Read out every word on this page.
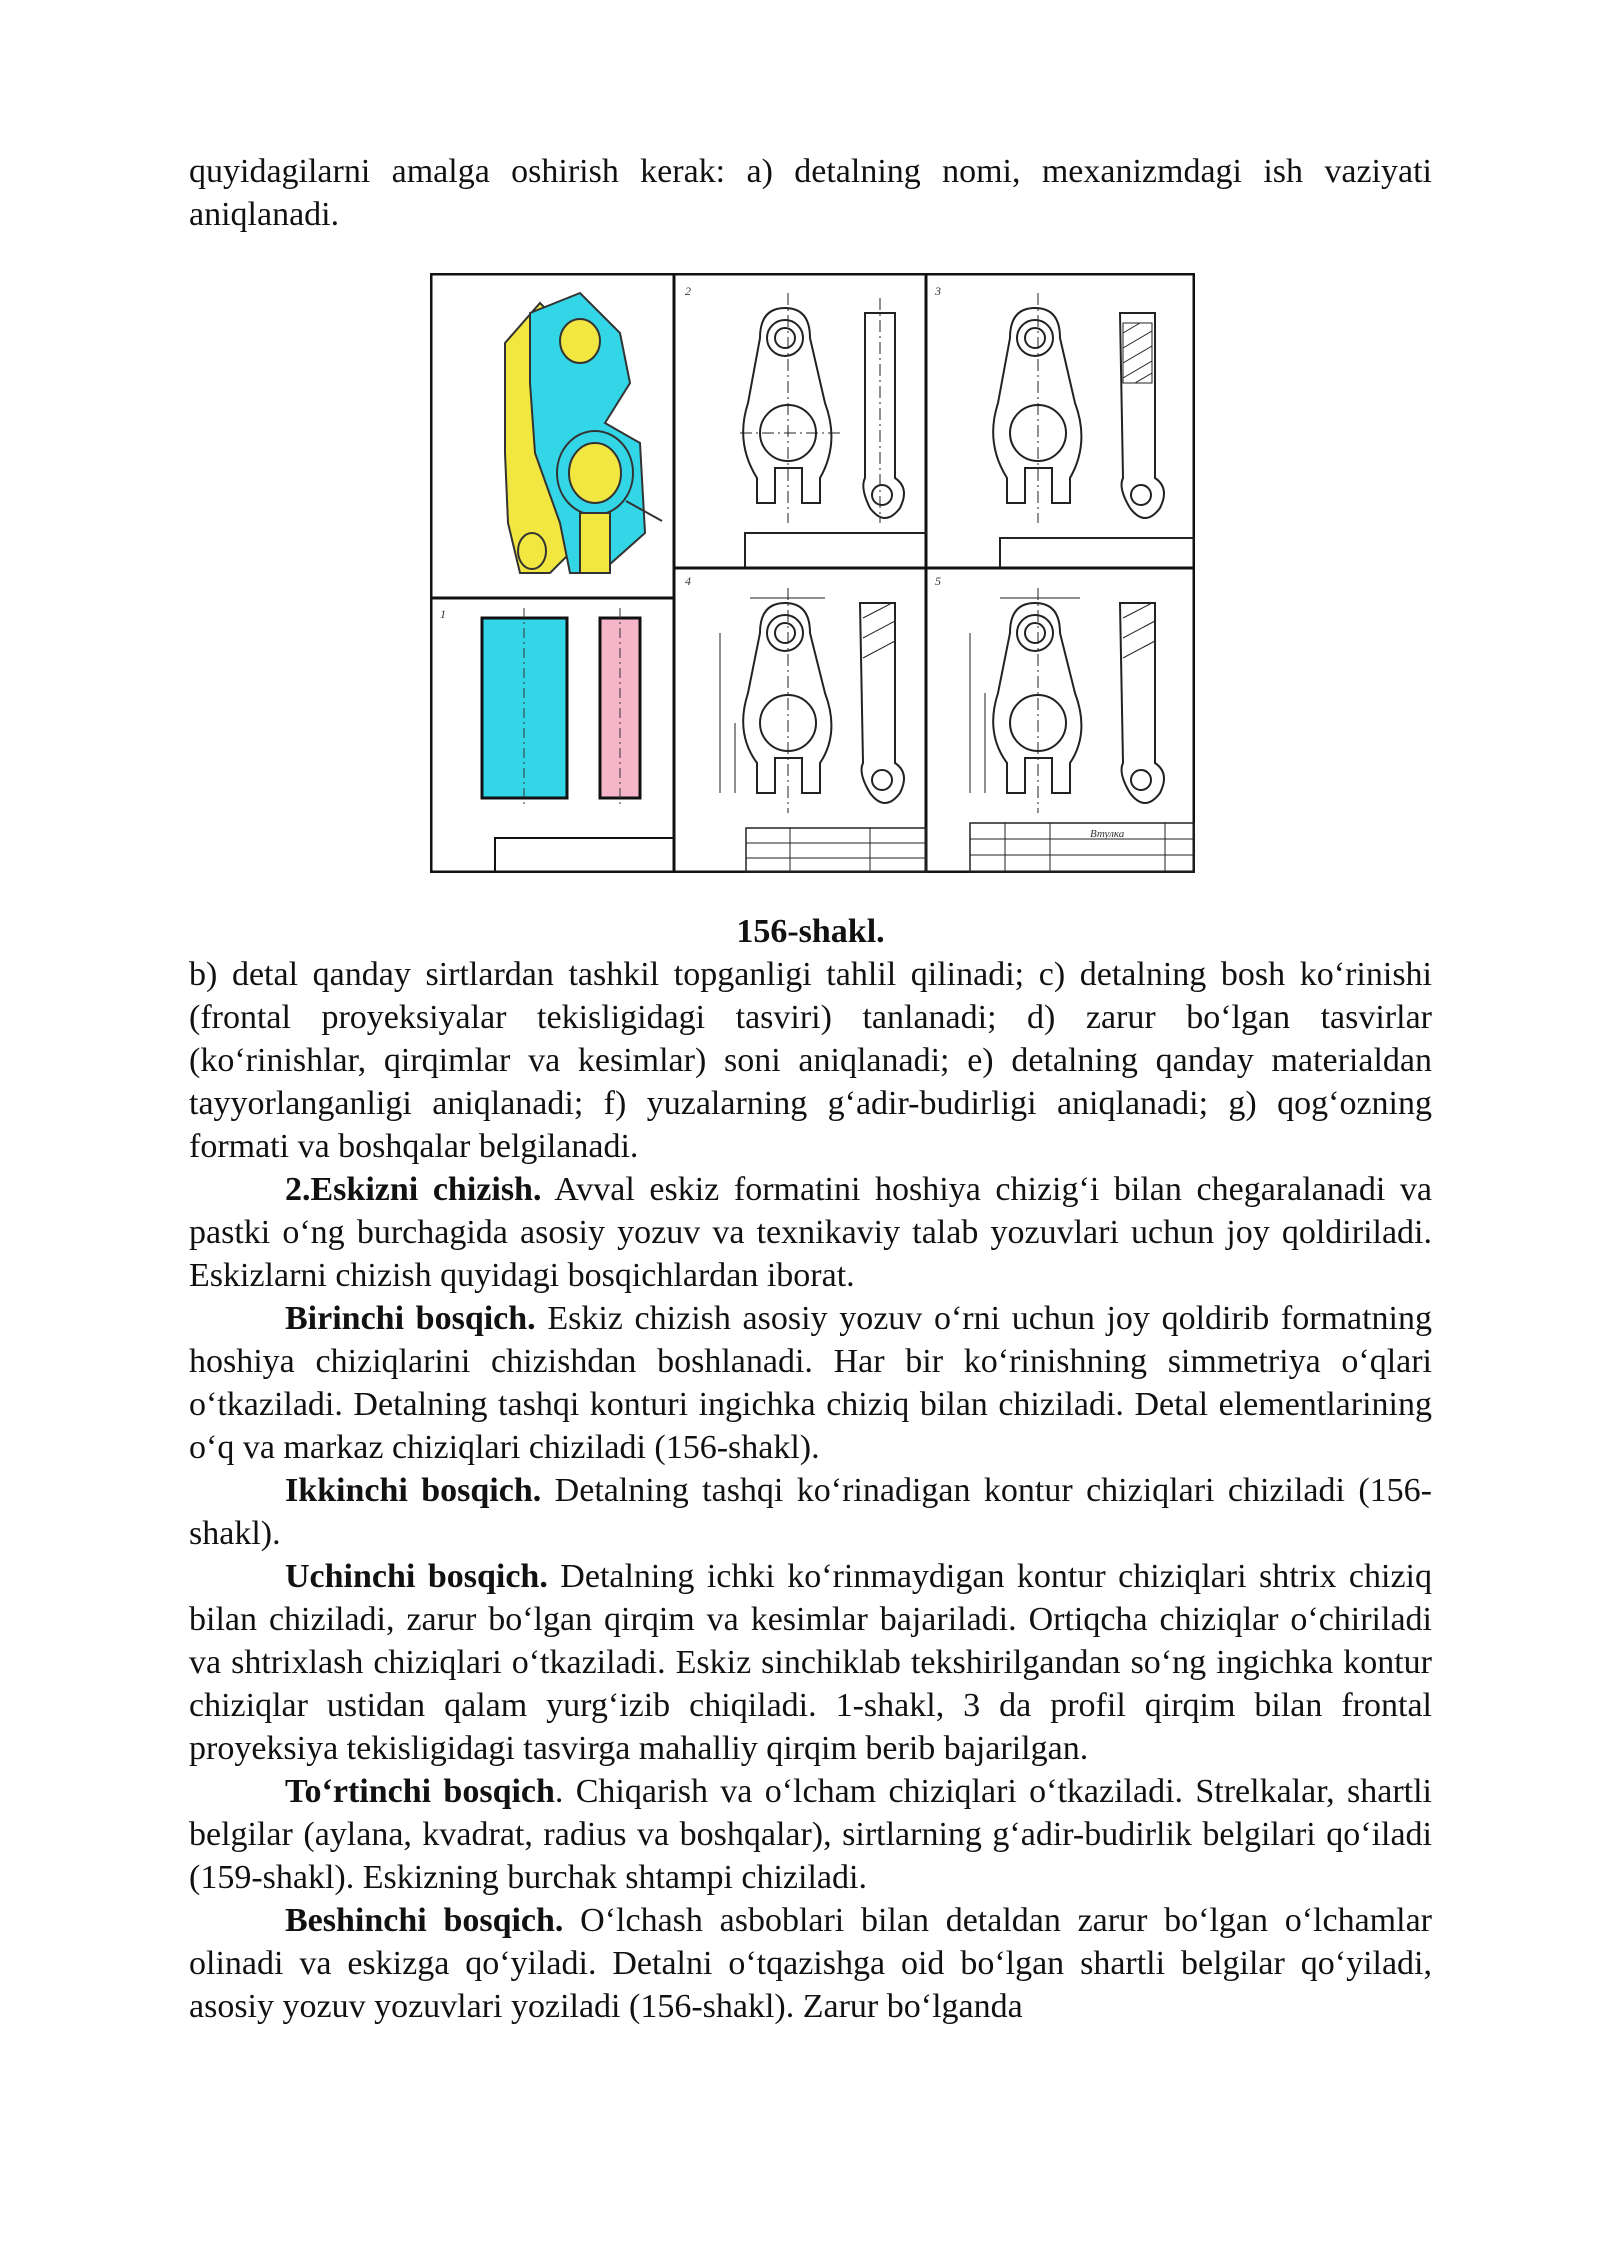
quyidagilarni amalga oshirish kerak: a) detalning nomi, mexanizmdagi ish vaziyati aniqlanadi.

1
2	3
4	5
Втулка
156-shakl.

b) detal qanday sirtlardan tashkil topganligi tahlil qilinadi; c) detalning bosh ko‘rinishi (frontal proyeksiyalar tekisligidagi tasviri) tanlanadi; d) zarur bo‘lgan tasvirlar (ko‘rinishlar, qirqimlar va kesimlar) soni aniqlanadi; e) detalning qanday materialdan tayyorlanganligi aniqlanadi; f) yuzalarning g‘adir-budirligi aniqlanadi; g) qog‘ozning formati va boshqalar belgilanadi.

2.Eskizni chizish. Avval eskiz formatini hoshiya chizig‘i bilan chegaralanadi va pastki o‘ng burchagida asosiy yozuv va texnikaviy talab yozuvlari uchun joy qoldiriladi. Eskizlarni chizish quyidagi bosqichlardan iborat.

Birinchi bosqich. Eskiz chizish asosiy yozuv o‘rni uchun joy qoldirib formatning hoshiya chiziqlarini chizishdan boshlanadi. Har bir ko‘rinishning simmetriya o‘qlari o‘tkaziladi. Detalning tashqi konturi ingichka chiziq bilan chiziladi. Detal elementlarining o‘q va markaz chiziqlari chiziladi (156-shakl).

Ikkinchi bosqich. Detalning tashqi ko‘rinadigan kontur chiziqlari chiziladi (156-shakl).

Uchinchi bosqich. Detalning ichki ko‘rinmaydigan kontur chiziqlari shtrix chiziq bilan chiziladi, zarur bo‘lgan qirqim va kesimlar bajariladi. Ortiqcha chiziqlar o‘chiriladi va shtrixlash chiziqlari o‘tkaziladi. Eskiz sinchiklab tekshirilgandan so‘ng ingichka kontur chiziqlar ustidan qalam yurg‘izib chiqiladi. 1-shakl, 3 da profil qirqim bilan frontal proyeksiya tekisligidagi tasvirga mahalliy qirqim berib bajarilgan.

To‘rtinchi bosqich. Chiqarish va o‘lcham chiziqlari o‘tkaziladi. Strelkalar, shartli belgilar (aylana, kvadrat, radius va boshqalar), sirtlarning g‘adir-budirlik belgilari qo‘iladi (159-shakl). Eskizning burchak shtampi chiziladi.

Beshinchi bosqich. O‘lchash asboblari bilan detaldan zarur bo‘lgan o‘lchamlar olinadi va eskizga qo‘yiladi. Detalni o‘tqazishga oid bo‘lgan shartli belgilar qo‘yiladi, asosiy yozuv yozuvlari yoziladi (156-shakl). Zarur bo‘lganda
